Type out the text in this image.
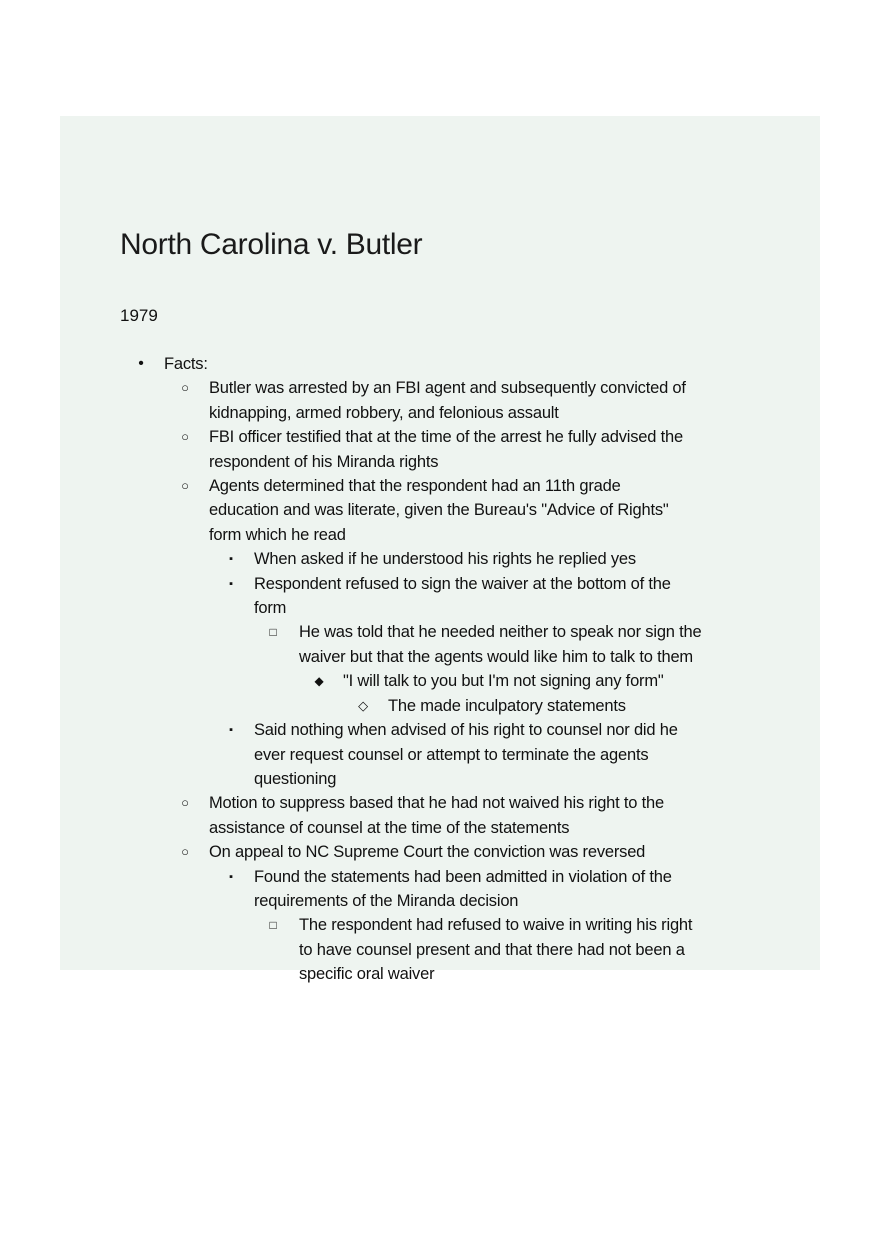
North Carolina v. Butler
1979
•	Facts:
○	Butler was arrested by an FBI agent and subsequently convicted of
kidnapping, armed robbery, and felonious assault
○	FBI officer testified that at the time of the arrest he fully advised the
respondent of his Miranda rights
○	Agents determined that the respondent had an 11th grade
education and was literate, given the Bureau's "Advice of Rights"
form which he read
▪	When asked if he understood his rights he replied yes
▪	Respondent refused to sign the waiver at the bottom of the
form
□	He was told that he needed neither to speak nor sign the
waiver but that the agents would like him to talk to them
◆ "I will talk to you but I'm not signing any form"
◇ The made inculpatory statements
▪	Said nothing when advised of his right to counsel nor did he
ever request counsel or attempt to terminate the agents
questioning
○	Motion to suppress based that he had not waived his right to the
assistance of counsel at the time of the statements
○	On appeal to NC Supreme Court the conviction was reversed
▪	Found the statements had been admitted in violation of the
requirements of the Miranda decision
□	The respondent had refused to waive in writing his right
to have counsel present and that there had not been a
specific oral waiver
